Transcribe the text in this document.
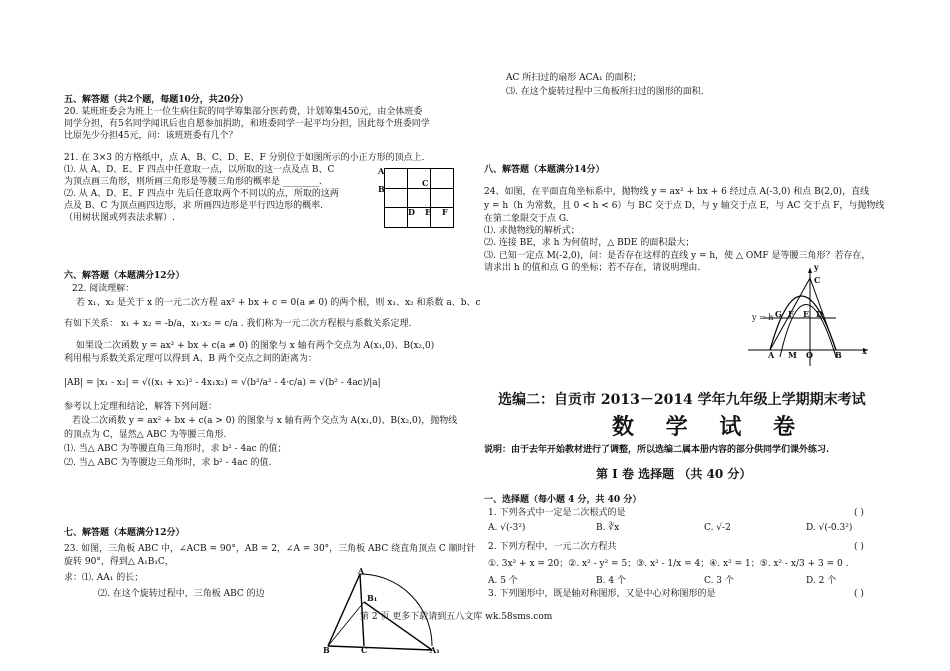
五、解答题（共2个题，每题10分，共20分）
20. 某班班委会为班上一位生病住院的同学筹集部分医药费，计划筹集450元，由全体班委
同学分担，有5名同学闻讯后也自愿参加捐助，和班委同学一起平均分担，因此每个班委同学
比原先少分担45元，问：该班班委有几个？
21. 在 3×3 的方格纸中，点 A、B、C、D、E、F 分别位于如图所示的小正方形的顶点上.
⑴. 从 A、D、E、F 四点中任意取一点，以所取的这一点及点 B、C
为顶点画三角形，则所画三角形是等腰三角形的概率是 ________.
⑵. 从 A、D、E、F 四点中 先后任意取两个不同以的点，所取的这两
点及 B、C 为顶点画四边形，求 所画四边形是平行四边形的概率.
（用树状图或列表法求解）.
六、解答题（本题满分12分）
22. 阅读理解：
若 x₁、x₂ 是关于 x 的一元二次方程 ax² + bx + c = 0(a ≠ 0) 的两个根，则 x₁、x₂ 和系数 a、b、c
有如下关系： x₁ + x₂ = -b/a，x₁·x₂ = c/a . 我们称为一元二次方程根与系数关系定理.
如果设二次函数 y = ax² + bx + c(a ≠ 0) 的图象与 x 轴有两个交点为 A(x₁,0)、B(x₂,0)
利用根与系数关系定理可以得到 A、B 两个交点之间的距离为：
|AB| = |x₁ - x₂| = √((x₁ + x₂)² - 4x₁x₂) = √(b²/a² - 4·c/a) = √(b² - 4ac)/|a|
参考以上定理和结论，解答下列问题：
若设二次函数 y = ax² + bx + c(a > 0) 的图象与 x 轴有两个交点为 A(x₁,0)、B(x₂,0)，抛物线
的顶点为 C，显然△ ABC 为等腰三角形.
⑴. 当△ ABC 为等腰直角三角形时，求 b² - 4ac 的值；
⑵. 当△ ABC 为等腰边三角形时，求 b² - 4ac 的值.
七、解答题（本题满分12分）
23. 如图，三角板 ABC 中，∠ACB = 90°，AB = 2，∠A = 30°，三角板 ABC 绕直角顶点 C 顺时针
旋转 90°，得到△ A₁B₁C，
求：⑴. AA₁ 的长；
⑵. 在这个旋转过程中，三角板 ABC 的边

A
B
C
D E F
A
B₁
B	C	A₁
AC 所扫过的扇形 ACA₁ 的面积；
⑶. 在这个旋转过程中三角板所扫过的图形的面积.
八、解答题（本题满分14分）
24、如图，在平面直角坐标系中，抛物线 y = ax² + bx + 6 经过点 A(-3,0) 和点 B(2,0)，直线
y = h（h 为常数，且 0 < h < 6）与 BC 交于点 D，与 y 轴交于点 E，与 AC 交于点 F，与抛物线
在第二象限交于点 G.
⑴. 求抛物线的解析式；
⑵. 连接 BE，求 h 为何值时，△ BDE 的面积最大；
⑶. 已知一定点 M(-2,0)，问：是否存在这样的直线 y = h，使 △ OMF 是等腰三角形？若存在，
请求出 h 的值和点 G 的坐标；若不存在，请说明理由.
选编二：自贡市 2013－2014 学年九年级上学期期末考试
数 学 试 卷
说明：由于去年开始教材进行了调整，所以选编二属本册内容的部分供同学们课外练习.
第 Ⅰ 卷 选择题 （共 40 分）
一、选择题（每小题 4 分，共 40 分）
1. 下列各式中一定是二次根式的是	( )
A. √(-3²)	B. ∛x	C. √-2	D. √(-0.3²)
2. 下列方程中，一元二次方程共	( )
①. 3x² + x = 20；②. x² - y² = 5；③. x² - 1/x = 4；④. x² = 1；⑤. x² - x/3 + 3 = 0 .
A. 5 个	B. 4 个	C. 3 个	D. 2 个
3. 下列图形中，既是轴对称图形，又是中心对称图形的是	( )
y
C
y = h G F E D
A M O	B	x
第 2 页 更多下载请到五八文库 wk.58sms.com
